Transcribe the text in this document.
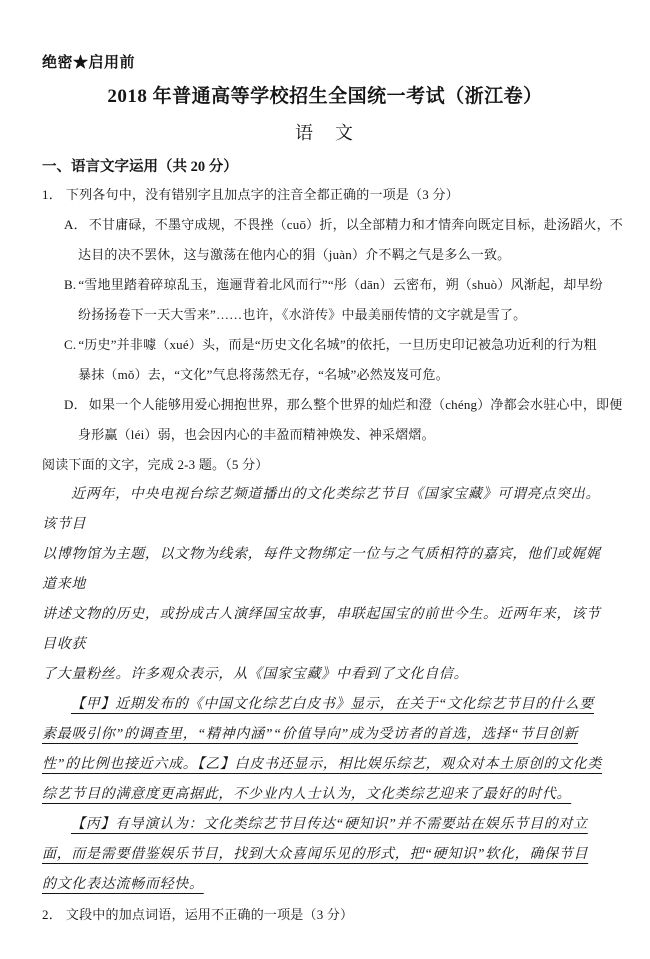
绝密★启用前
2018 年普通高等学校招生全国统一考试（浙江卷）
语　文
一、语言文字运用（共 20 分）
1． 下列各句中，没有错别字且加点字的注音全都正确的一项是（3 分）
A． 不甘庸碌，不墨守成规，不畏挫（cuō）折，以全部精力和才情奔向既定目标，赴汤蹈火，不
达目的决不罢休，这与激荡在他内心的狷（juàn）介不羁之气是多么一致。
B. “雪地里踏着碎琼乱玉，迤逦背着北风而行”“彤（dān）云密布，朔（shuò）风渐起，却早纷
纷扬扬卷下一天大雪来”……也许，《水浒传》中最美丽传情的文字就是雪了。
C. “历史”并非噱（xué）头，而是“历史文化名城”的依托，一旦历史印记被急功近利的行为粗
暴抹（mǒ）去，“文化”气息将荡然无存，“名城”必然岌岌可危。
D． 如果一个人能够用爱心拥抱世界，那么整个世界的灿烂和澄（chéng）净都会水驻心中，即便
身形赢（léi）弱，也会因内心的丰盈而精神焕发、神采熠熠。
阅读下面的文字，完成 2-3 题。（5 分）
近两年，中央电视台综艺频道播出的文化类综艺节目《国家宝藏》可谓亮点突出。
该节目
以博物馆为主题，以文物为线索，每件文物绑定一位与之气质相符的嘉宾，他们或娓娓
道来地
讲述文物的历史，或扮成古人演绎国宝故事，串联起国宝的前世今生。近两年来，该节
目收获
了大量粉丝。许多观众表示，从《国家宝藏》中看到了文化自信。
【甲】近期发布的《中国文化综艺白皮书》显示，在关于“文化综艺节目的什么要
素最吸引你”的调查里，“精神内涵”“价值导向”成为受访者的首选，选择“节目创新
性”的比例也接近六成。【乙】白皮书还显示，相比娱乐综艺，观众对本土原创的文化类
综艺节目的满意度更高据此，不少业内人士认为，文化类综艺迎来了最好的时代。
【丙】有导演认为：文化类综艺节目传达“硬知识”并不需要站在娱乐节目的对立
面，而是需要借鉴娱乐节目，找到大众喜闻乐见的形式，把“硬知识”软化，确保节目
的文化表达流畅而轻快。
2． 文段中的加点词语，运用不正确的一项是（3 分）
